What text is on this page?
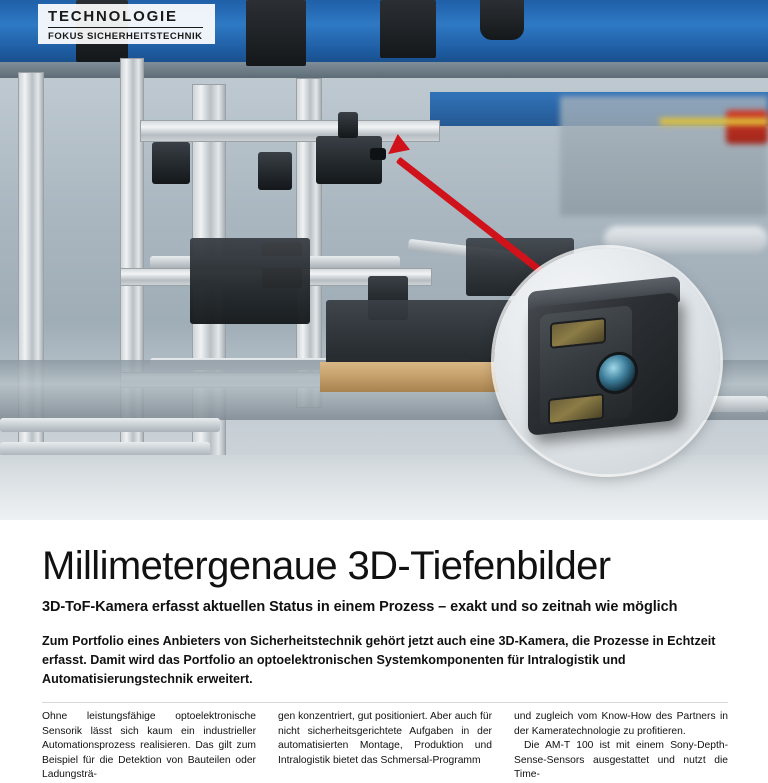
TECHNOLOGIE
FOKUS SICHERHEITSTECHNIK
Millimetergenaue 3D-Tiefenbilder
3D-ToF-Kamera erfasst aktuellen Status in einem Prozess – exakt und so zeitnah wie möglich
Zum Portfolio eines Anbieters von Sicherheitstechnik gehört jetzt auch eine 3D-Kamera, die Prozesse in Echtzeit erfasst. Damit wird das Portfolio an optoelektronischen Systemkomponenten für Intralogistik und Automatisierungstechnik erweitert.

Ohne leistungsfähige optoelektronische Sensorik lässt sich kaum ein industrieller Automationsprozess realisieren. Das gilt zum Beispiel für die Detektion von Bauteilen oder Ladungsträ-

gen konzentriert, gut positioniert. Aber auch für nicht sicherheitsgerichtete Aufgaben in der automatisierten Montage, Produktion und Intralogistik bietet das Schmersal-Programm

und zugleich vom Know-How des Partners in der Kameratechnologie zu profitieren.

Die AM-T 100 ist mit einem Sony-Depth-Sense-Sensors ausgestattet und nutzt die Time-
